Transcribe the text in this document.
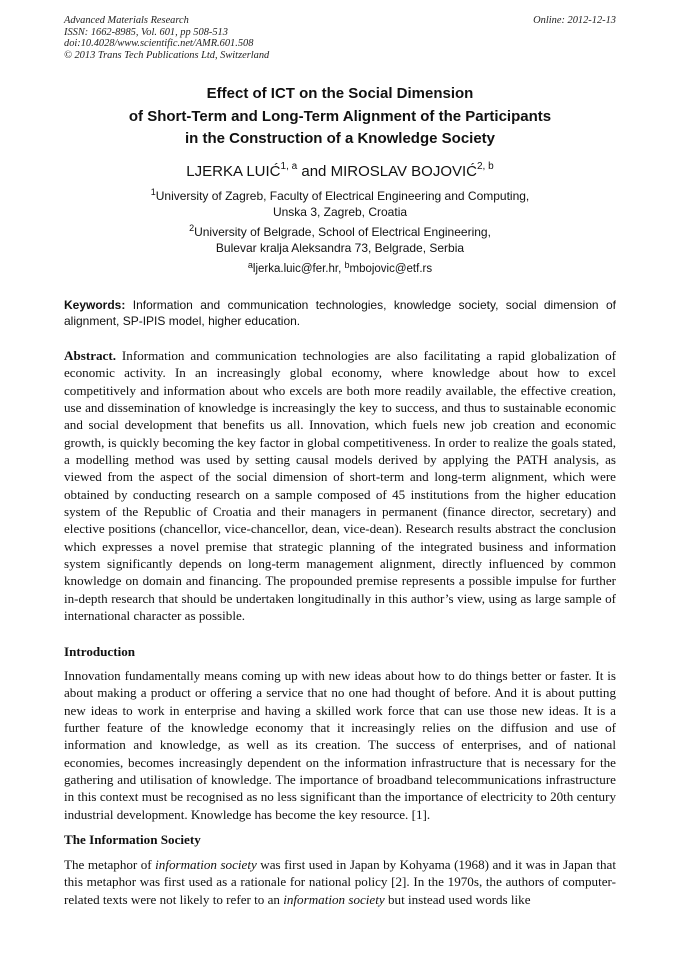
Advanced Materials Research
ISSN: 1662-8985, Vol. 601, pp 508-513
doi:10.4028/www.scientific.net/AMR.601.508
© 2013 Trans Tech Publications Ltd, Switzerland
Online: 2012-12-13
Effect of ICT on the Social Dimension
of Short-Term and Long-Term Alignment of the Participants
in the Construction of a Knowledge Society
LJERKA LUIĆ$^{1, a}$ and MIROSLAV BOJOVIĆ$^{2, b}$
$^1$University of Zagreb, Faculty of Electrical Engineering and Computing,
Unska 3, Zagreb, Croatia
$^2$University of Belgrade, School of Electrical Engineering,
Bulevar kralja Aleksandra 73, Belgrade, Serbia
$^a$ljerka.luic@fer.hr, $^b$mbojovic@etf.rs
Keywords: Information and communication technologies, knowledge society, social dimension of alignment, SP-IPIS model, higher education.
Abstract. Information and communication technologies are also facilitating a rapid globalization of economic activity. In an increasingly global economy, where knowledge about how to excel competitively and information about who excels are both more readily available, the effective creation, use and dissemination of knowledge is increasingly the key to success, and thus to sustainable economic and social development that benefits us all. Innovation, which fuels new job creation and economic growth, is quickly becoming the key factor in global competitiveness. In order to realize the goals stated, a modelling method was used by setting causal models derived by applying the PATH analysis, as viewed from the aspect of the social dimension of short-term and long-term alignment, which were obtained by conducting research on a sample composed of 45 institutions from the higher education system of the Republic of Croatia and their managers in permanent (finance director, secretary) and elective positions (chancellor, vice-chancellor, dean, vice-dean). Research results abstract the conclusion which expresses a novel premise that strategic planning of the integrated business and information system significantly depends on long-term management alignment, directly influenced by common knowledge on domain and financing. The propounded premise represents a possible impulse for further in-depth research that should be undertaken longitudinally in this author’s view, using as large sample of international character as possible.
Introduction
Innovation fundamentally means coming up with new ideas about how to do things better or faster. It is about making a product or offering a service that no one had thought of before. And it is about putting new ideas to work in enterprise and having a skilled work force that can use those new ideas. It is a further feature of the knowledge economy that it increasingly relies on the diffusion and use of information and knowledge, as well as its creation. The success of enterprises, and of national economies, becomes increasingly dependent on the information infrastructure that is necessary for the gathering and utilisation of knowledge. The importance of broadband telecommunications infrastructure in this context must be recognised as no less significant than the importance of electricity to 20th century industrial development. Knowledge has become the key resource. [1].
The Information Society
The metaphor of information society was first used in Japan by Kohyama (1968) and it was in Japan that this metaphor was first used as a rationale for national policy [2]. In the 1970s, the authors of computer-related texts were not likely to refer to an information society but instead used words like
